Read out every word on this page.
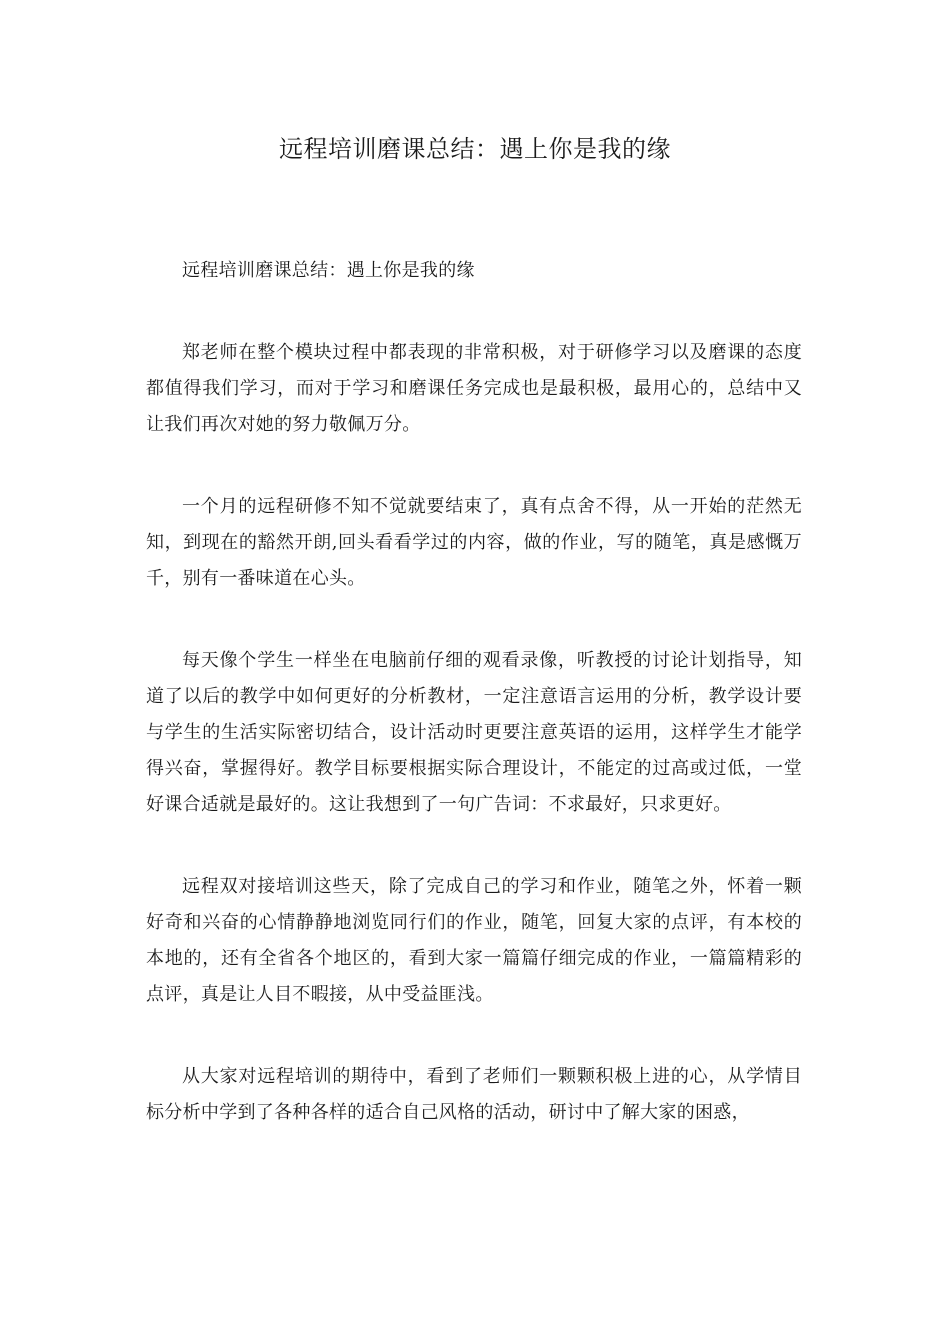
远程培训磨课总结：遇上你是我的缘

远程培训磨课总结：遇上你是我的缘

郑老师在整个模块过程中都表现的非常积极，对于研修学习以及磨课的态度都值得我们学习，而对于学习和磨课任务完成也是最积极，最用心的，总结中又让我们再次对她的努力敬佩万分。

一个月的远程研修不知不觉就要结束了，真有点舍不得，从一开始的茫然无知，到现在的豁然开朗,回头看看学过的内容，做的作业，写的随笔，真是感慨万千，别有一番味道在心头。

每天像个学生一样坐在电脑前仔细的观看录像，听教授的讨论计划指导，知道了以后的教学中如何更好的分析教材，一定注意语言运用的分析，教学设计要与学生的生活实际密切结合，设计活动时更要注意英语的运用，这样学生才能学得兴奋，掌握得好。教学目标要根据实际合理设计，不能定的过高或过低，一堂好课合适就是最好的。这让我想到了一句广告词：不求最好，只求更好。

远程双对接培训这些天，除了完成自己的学习和作业，随笔之外，怀着一颗好奇和兴奋的心情静静地浏览同行们的作业，随笔，回复大家的点评，有本校的本地的，还有全省各个地区的，看到大家一篇篇仔细完成的作业，一篇篇精彩的点评，真是让人目不暇接，从中受益匪浅。

从大家对远程培训的期待中，看到了老师们一颗颗积极上进的心，从学情目标分析中学到了各种各样的适合自己风格的活动，研讨中了解大家的困惑，
